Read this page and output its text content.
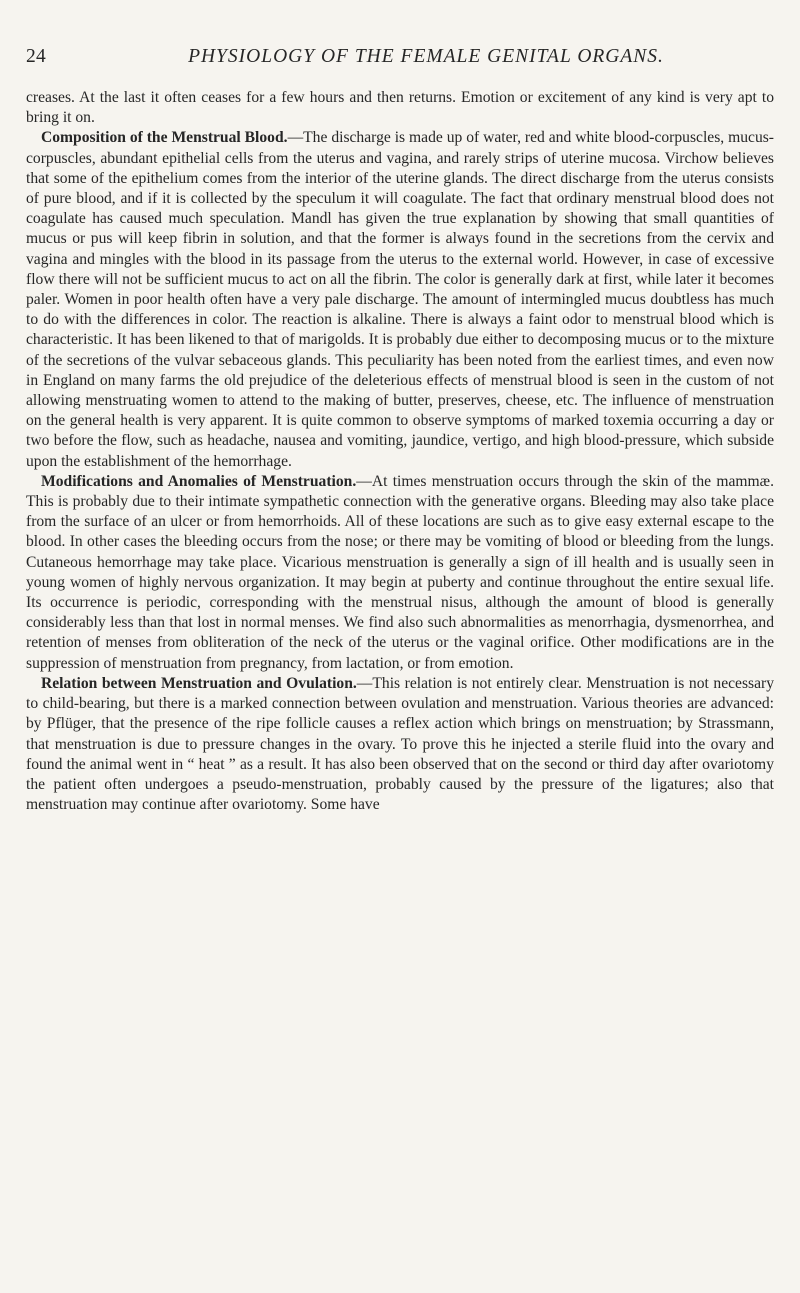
24	PHYSIOLOGY OF THE FEMALE GENITAL ORGANS.

creases. At the last it often ceases for a few hours and then returns. Emotion or excitement of any kind is very apt to bring it on.

Composition of the Menstrual Blood.—The discharge is made up of water, red and white blood-corpuscles, mucus-corpuscles, abundant epithelial cells from the uterus and vagina, and rarely strips of uterine mucosa. Virchow believes that some of the epithelium comes from the interior of the uterine glands. The direct discharge from the uterus consists of pure blood, and if it is collected by the speculum it will coagulate. The fact that ordinary menstrual blood does not coagulate has caused much speculation. Mandl has given the true explanation by showing that small quantities of mucus or pus will keep fibrin in solution, and that the former is always found in the secretions from the cervix and vagina and mingles with the blood in its passage from the uterus to the external world. However, in case of excessive flow there will not be sufficient mucus to act on all the fibrin. The color is generally dark at first, while later it becomes paler. Women in poor health often have a very pale discharge. The amount of intermingled mucus doubtless has much to do with the differences in color. The reaction is alkaline. There is always a faint odor to menstrual blood which is characteristic. It has been likened to that of marigolds. It is probably due either to decomposing mucus or to the mixture of the secretions of the vulvar sebaceous glands. This peculiarity has been noted from the earliest times, and even now in England on many farms the old prejudice of the deleterious effects of menstrual blood is seen in the custom of not allowing menstruating women to attend to the making of butter, preserves, cheese, etc. The influence of menstruation on the general health is very apparent. It is quite common to observe symptoms of marked toxemia occurring a day or two before the flow, such as headache, nausea and vomiting, jaundice, vertigo, and high blood-pressure, which subside upon the establishment of the hemorrhage.

Modifications and Anomalies of Menstruation.—At times menstruation occurs through the skin of the mammæ. This is probably due to their intimate sympathetic connection with the generative organs. Bleeding may also take place from the surface of an ulcer or from hemorrhoids. All of these locations are such as to give easy external escape to the blood. In other cases the bleeding occurs from the nose; or there may be vomiting of blood or bleeding from the lungs. Cutaneous hemorrhage may take place. Vicarious menstruation is generally a sign of ill health and is usually seen in young women of highly nervous organization. It may begin at puberty and continue throughout the entire sexual life. Its occurrence is periodic, corresponding with the menstrual nisus, although the amount of blood is generally considerably less than that lost in normal menses. We find also such abnormalities as menorrhagia, dysmenorrhea, and retention of menses from obliteration of the neck of the uterus or the vaginal orifice. Other modifications are in the suppression of menstruation from pregnancy, from lactation, or from emotion.

Relation between Menstruation and Ovulation.—This relation is not entirely clear. Menstruation is not necessary to child-bearing, but there is a marked connection between ovulation and menstruation. Various theories are advanced: by Pflüger, that the presence of the ripe follicle causes a reflex action which brings on menstruation; by Strassmann, that menstruation is due to pressure changes in the ovary. To prove this he injected a sterile fluid into the ovary and found the animal went in “ heat ” as a result. It has also been observed that on the second or third day after ovariotomy the patient often undergoes a pseudo-menstruation, probably caused by the pressure of the ligatures; also that menstruation may continue after ovariotomy. Some have
